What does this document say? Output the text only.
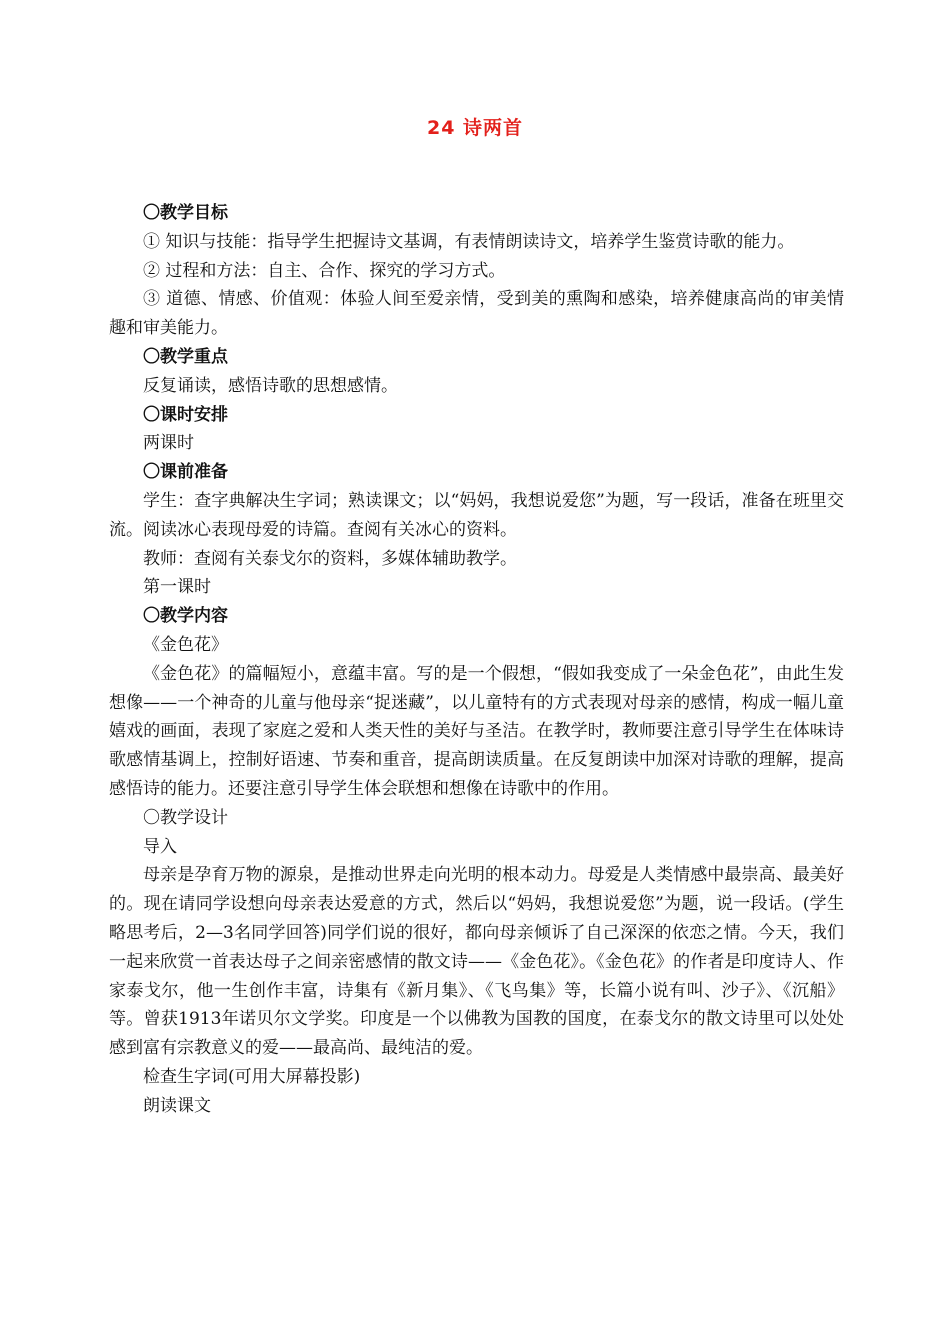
24 诗两首

〇教学目标

① 知识与技能：指导学生把握诗文基调，有表情朗读诗文，培养学生鉴赏诗歌的能力。

② 过程和方法：自主、合作、探究的学习方式。

③ 道德、情感、价值观：体验人间至爱亲情，受到美的熏陶和感染，培养健康高尚的审美情趣和审美能力。

〇教学重点

反复诵读，感悟诗歌的思想感情。

〇课时安排

两课时

〇课前准备

学生：查字典解决生字词；熟读课文；以“妈妈，我想说爱您”为题，写一段话，准备在班里交流。阅读冰心表现母爱的诗篇。查阅有关冰心的资料。

教师：查阅有关泰戈尔的资料，多媒体辅助教学。

第一课时

〇教学内容

《金色花》

《金色花》的篇幅短小，意蕴丰富。写的是一个假想，“假如我变成了一朵金色花”，由此生发想像——一个神奇的儿童与他母亲“捉迷藏”，以儿童特有的方式表现对母亲的感情，构成一幅儿童嬉戏的画面，表现了家庭之爱和人类天性的美好与圣洁。在教学时，教师要注意引导学生在体味诗歌感情基调上，控制好语速、节奏和重音，提高朗读质量。在反复朗读中加深对诗歌的理解，提高感悟诗的能力。还要注意引导学生体会联想和想像在诗歌中的作用。

〇教学设计

导入

母亲是孕育万物的源泉，是推动世界走向光明的根本动力。母爱是人类情感中最崇高、最美好的。现在请同学设想向母亲表达爱意的方式，然后以“妈妈，我想说爱您”为题，说一段话。(学生略思考后，2—3名同学回答)同学们说的很好，都向母亲倾诉了自己深深的依恋之情。今天，我们一起来欣赏一首表达母子之间亲密感情的散文诗——《金色花》。《金色花》的作者是印度诗人、作家泰戈尔，他一生创作丰富，诗集有《新月集》、《飞鸟集》等，长篇小说有叫、沙子》、《沉船》等。曾获1913年诺贝尔文学奖。印度是一个以佛教为国教的国度，在泰戈尔的散文诗里可以处处感到富有宗教意义的爱——最高尚、最纯洁的爱。

检查生字词(可用大屏幕投影)

朗读课文
